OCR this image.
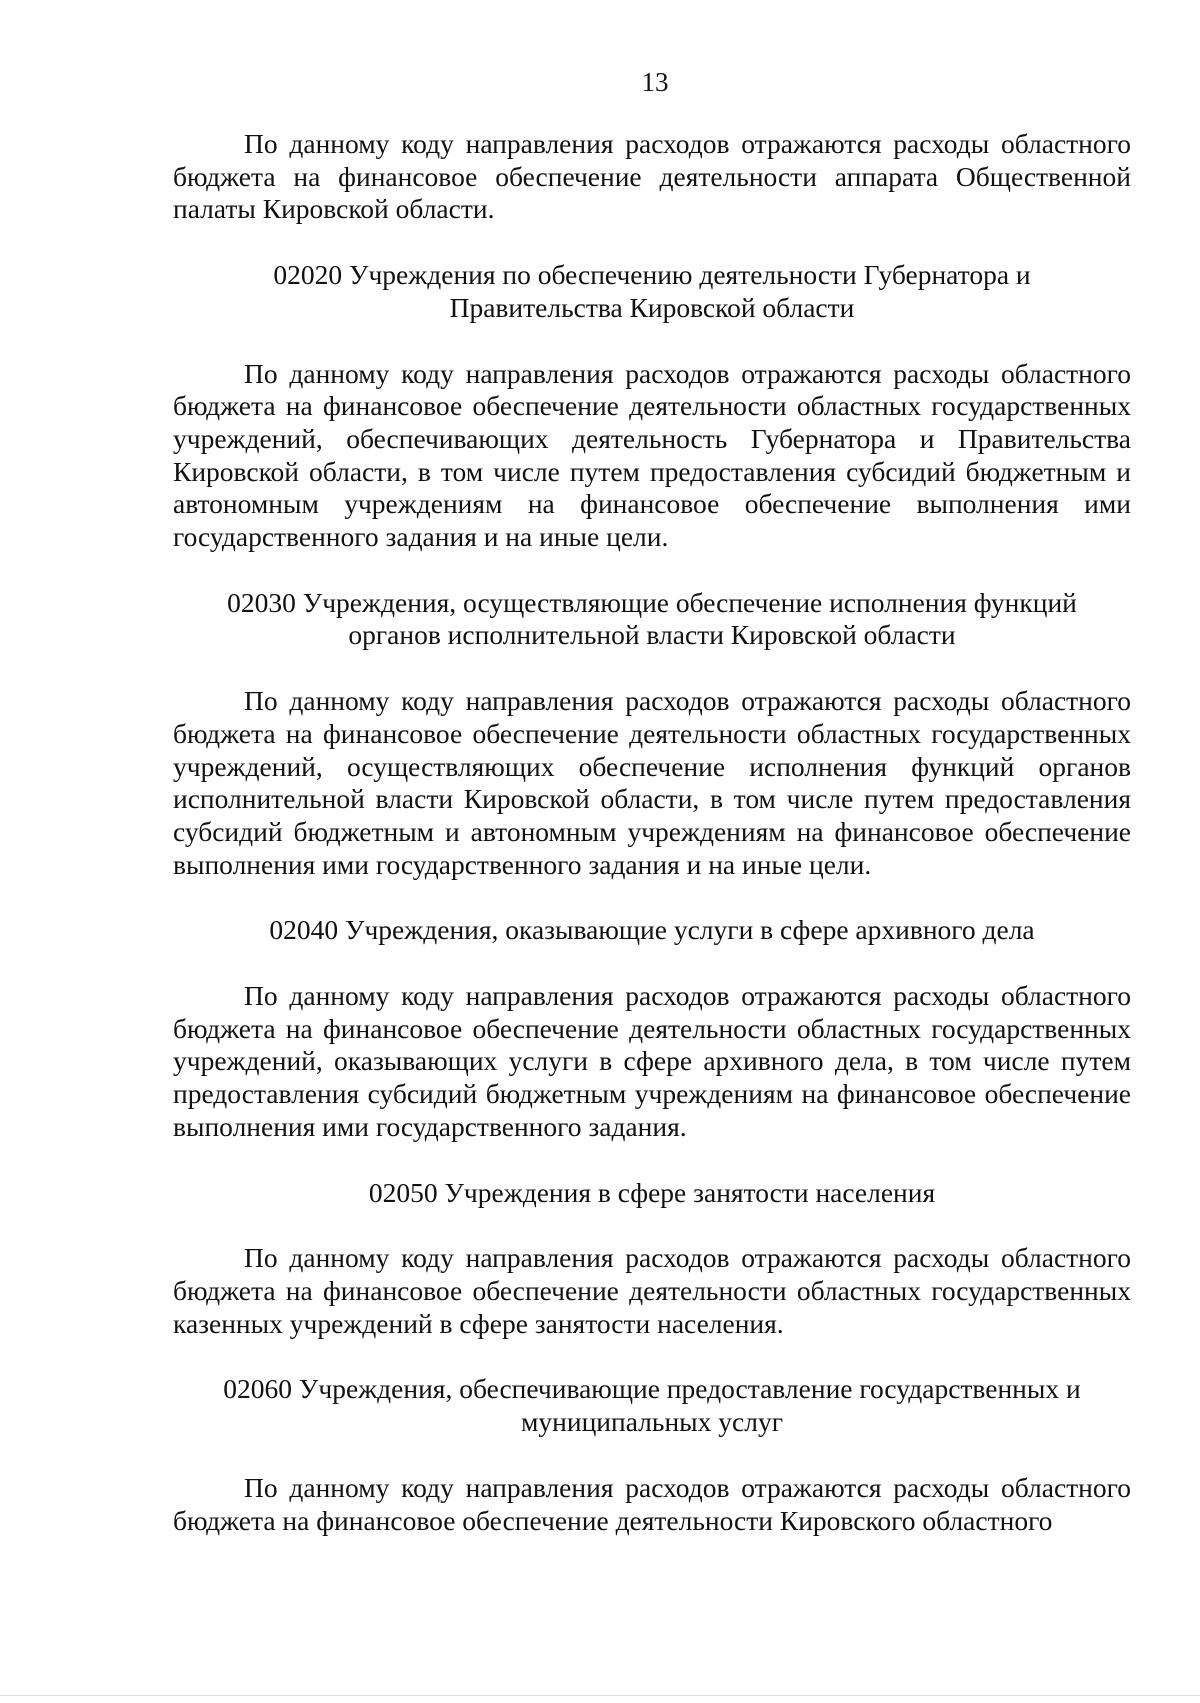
13

По данному коду направления расходов отражаются расходы областного бюджета на финансовое обеспечение деятельности аппарата Общественной палаты Кировской области.

02020 Учреждения по обеспечению деятельности Губернатора и Правительства Кировской области

По данному коду направления расходов отражаются расходы областного бюджета на финансовое обеспечение деятельности областных государственных учреждений, обеспечивающих деятельность Губернатора и Правительства Кировской области, в том числе путем предоставления субсидий бюджетным и автономным учреждениям на финансовое обеспечение выполнения ими государственного задания и на иные цели.

02030 Учреждения, осуществляющие обеспечение исполнения функций органов исполнительной власти Кировской области

По данному коду направления расходов отражаются расходы областного бюджета на финансовое обеспечение деятельности областных государственных учреждений, осуществляющих обеспечение исполнения функций органов исполнительной власти Кировской области, в том числе путем предоставления субсидий бюджетным и автономным учреждениям на финансовое обеспечение выполнения ими государственного задания и на иные цели.

02040 Учреждения, оказывающие услуги в сфере архивного дела

По данному коду направления расходов отражаются расходы областного бюджета на финансовое обеспечение деятельности областных государственных учреждений, оказывающих услуги в сфере архивного дела, в том числе путем предоставления субсидий бюджетным учреждениям на финансовое обеспечение выполнения ими государственного задания.

02050 Учреждения в сфере занятости населения

По данному коду направления расходов отражаются расходы областного бюджета на финансовое обеспечение деятельности областных государственных казенных учреждений в сфере занятости населения.

02060 Учреждения, обеспечивающие предоставление государственных и муниципальных услуг

По данному коду направления расходов отражаются расходы областного бюджета на финансовое обеспечение деятельности Кировского областного
